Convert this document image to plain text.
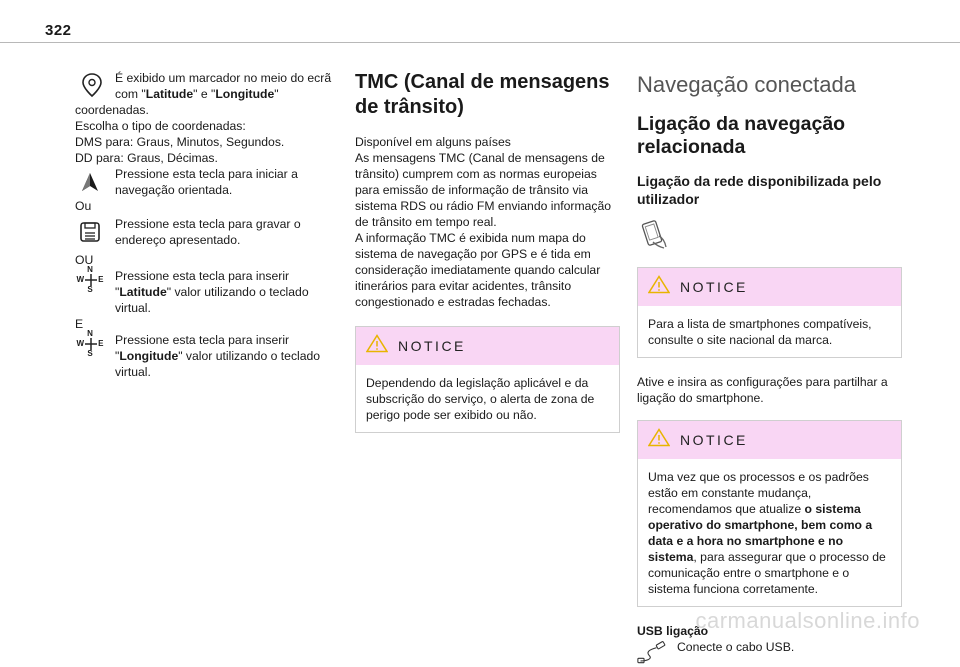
322

É exibido um marcador no meio do ecrã com "Latitude" e "Longitude"
coordenadas.

Escolha o tipo de coordenadas:

DMS para: Graus, Minutos, Segundos.

DD para: Graus, Décimas.

Pressione esta tecla para iniciar a navegação orientada.

Ou

Pressione esta tecla para gravar o endereço apresentado.

OU

N
W E
S

Pressione esta tecla para inserir "Latitude" valor utilizando o teclado virtual.

E

N
W E
S

Pressione esta tecla para inserir "Longitude" valor utilizando o teclado virtual.

TMC (Canal de mensagens de trânsito)

Disponível em alguns países
As mensagens TMC (Canal de mensagens de trânsito) cumprem com as normas europeias para emissão de informação de trânsito via sistema RDS ou rádio FM enviando informação de trânsito em tempo real.
A informação TMC é exibida num mapa do sistema de navegação por GPS e é tida em consideração imediatamente quando calcular itinerários para evitar acidentes, trânsito congestionado e estradas fechadas.

NOTICE
Dependendo da legislação aplicável e da subscrição do serviço, o alerta de zona de perigo pode ser exibido ou não.
Navegação conectada
Ligação da navegação relacionada
Ligação da rede disponibilizada pelo utilizador
NOTICE
Para a lista de smartphones compatíveis, consulte o site nacional da marca.

Ative e insira as configurações para partilhar a ligação do smartphone.

NOTICE
Uma vez que os processos e os padrões estão em constante mudança, recomendamos que atualize o sistema operativo do smartphone, bem como a data e a hora no smartphone e no sistema, para assegurar que o processo de comunicação entre o smartphone e o sistema funciona corretamente.

USB ligação

Conecte o cabo USB.

carmanualsonline.info
